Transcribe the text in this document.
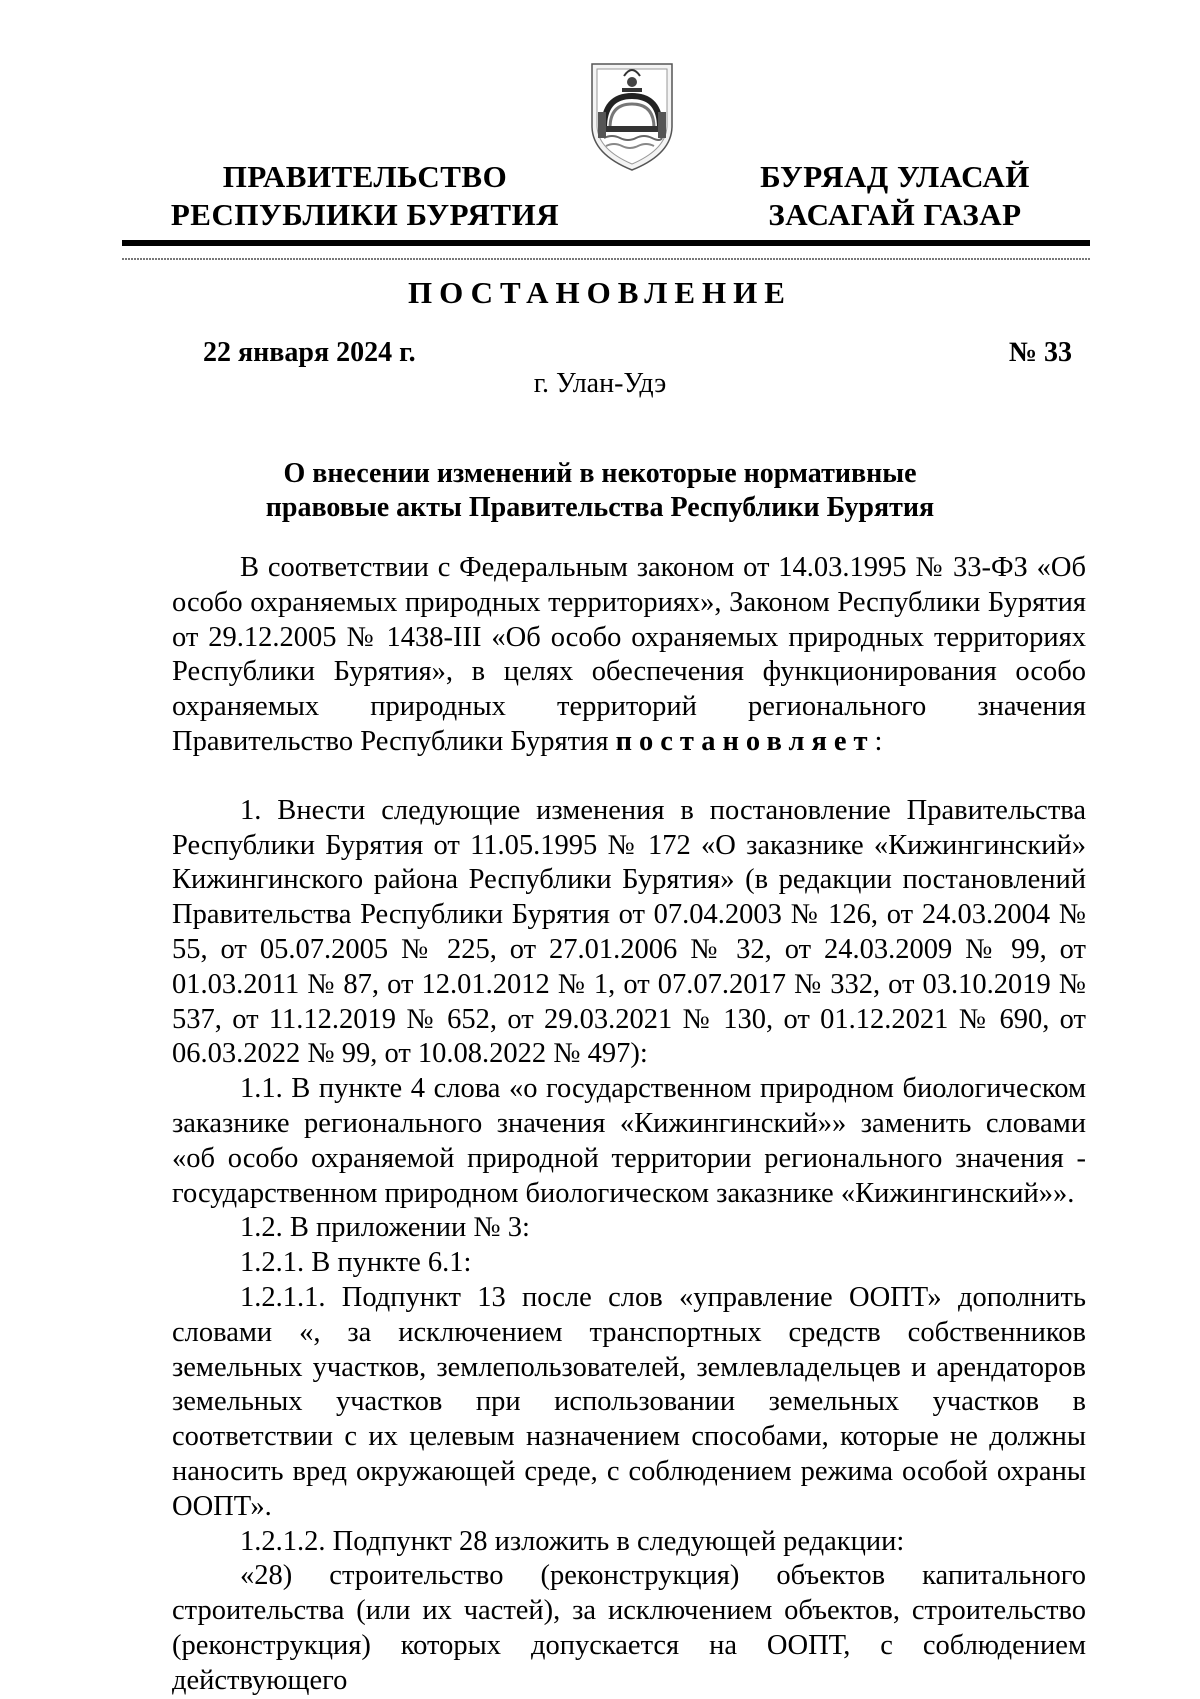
ПРАВИТЕЛЬСТВО
РЕСПУБЛИКИ БУРЯТИЯ
БУРЯАД УЛАСАЙ
ЗАСАГАЙ ГАЗАР
ПОСТАНОВЛЕНИЕ
22 января 2024 г.	№ 33
г. Улан-Удэ
О внесении изменений в некоторые нормативные
правовые акты Правительства Республики Бурятия

В соответствии с Федеральным законом от 14.03.1995 № 33-ФЗ «Об особо охраняемых природных территориях», Законом Республики Бурятия от 29.12.2005 № 1438-III «Об особо охраняемых природных территориях Республики Бурятия», в целях обеспечения функционирования особо охраняемых природных территорий регионального значения Правительство Республики Бурятия постановляет:

1. Внести следующие изменения в постановление Правительства Республики Бурятия от 11.05.1995 № 172 «О заказнике «Кижингинский» Кижингинского района Республики Бурятия» (в редакции постановлений Правительства Республики Бурятия от 07.04.2003 № 126, от 24.03.2004 № 55, от 05.07.2005 № 225, от 27.01.2006 № 32, от 24.03.2009 № 99, от 01.03.2011 № 87, от 12.01.2012 № 1, от 07.07.2017 № 332, от 03.10.2019 № 537, от 11.12.2019 № 652, от 29.03.2021 № 130, от 01.12.2021 № 690, от 06.03.2022 № 99, от 10.08.2022 № 497):

1.1. В пункте 4 слова «о государственном природном биологическом заказнике регионального значения «Кижингинский»» заменить словами «об особо охраняемой природной территории регионального значения - государственном природном биологическом заказнике «Кижингинский»».

1.2. В приложении № 3:

1.2.1. В пункте 6.1:

1.2.1.1. Подпункт 13 после слов «управление ООПТ» дополнить словами «, за исключением транспортных средств собственников земельных участков, землепользователей, землевладельцев и арендаторов земельных участков при использовании земельных участков в соответствии с их целевым назначением способами, которые не должны наносить вред окружающей среде, с соблюдением режима особой охраны ООПТ».

1.2.1.2. Подпункт 28 изложить в следующей редакции:

«28) строительство (реконструкция) объектов капитального строительства (или их частей), за исключением объектов, строительство (реконструкция) которых допускается на ООПТ, с соблюдением действующего
